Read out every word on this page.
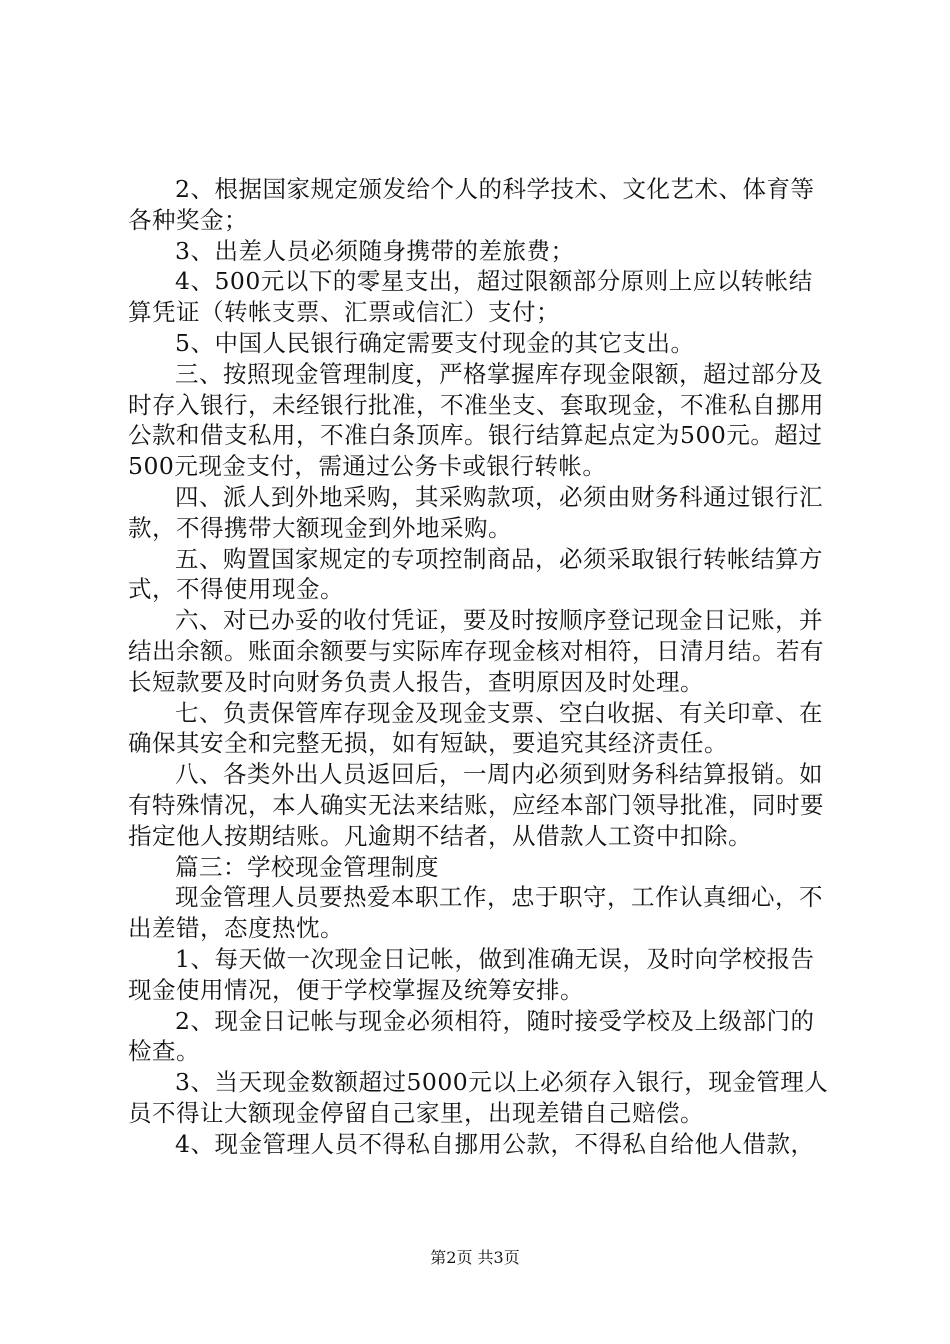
2、根据国家规定颁发给个人的科学技术、文化艺术、体育等各种奖金；

3、出差人员必须随身携带的差旅费；

4、500元以下的零星支出，超过限额部分原则上应以转帐结算凭证（转帐支票、汇票或信汇）支付；

5、中国人民银行确定需要支付现金的其它支出。

三、按照现金管理制度，严格掌握库存现金限额，超过部分及时存入银行，未经银行批准，不准坐支、套取现金，不准私自挪用公款和借支私用，不准白条顶库。银行结算起点定为500元。超过500元现金支付，需通过公务卡或银行转帐。

四、派人到外地采购，其采购款项，必须由财务科通过银行汇款，不得携带大额现金到外地采购。

五、购置国家规定的专项控制商品，必须采取银行转帐结算方式，不得使用现金。

六、对已办妥的收付凭证，要及时按顺序登记现金日记账，并结出余额。账面余额要与实际库存现金核对相符，日清月结。若有长短款要及时向财务负责人报告，查明原因及时处理。

七、负责保管库存现金及现金支票、空白收据、有关印章、在确保其安全和完整无损，如有短缺，要追究其经济责任。

八、各类外出人员返回后，一周内必须到财务科结算报销。如有特殊情况，本人确实无法来结账，应经本部门领导批准，同时要指定他人按期结账。凡逾期不结者，从借款人工资中扣除。

篇三：学校现金管理制度

现金管理人员要热爱本职工作，忠于职守，工作认真细心，不出差错，态度热忱。

1、每天做一次现金日记帐，做到准确无误，及时向学校报告现金使用情况，便于学校掌握及统筹安排。

2、现金日记帐与现金必须相符，随时接受学校及上级部门的检查。

3、当天现金数额超过5000元以上必须存入银行，现金管理人员不得让大额现金停留自己家里，出现差错自己赔偿。

4、现金管理人员不得私自挪用公款，不得私自给他人借款，

第2页 共3页
